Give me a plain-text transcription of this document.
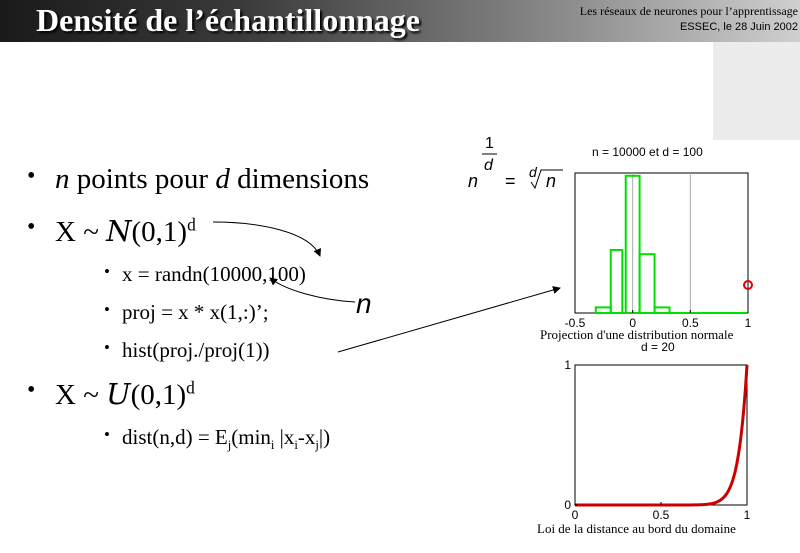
Densité de l’échantillonnage	Les réseaux de neurones pour l’apprentissage
ESSEC, le 28 Juin 2002
• n points pour d dimensions
• X ~ $N(0,1)^d$
• x = randn(10000,100)
• proj = x * x(1,:)’;
• hist(proj./proj(1))
• X ~ $U(0,1)^d$
• dist(n,d) = $E_j(\min_i$ $|x_i-x_j|$)
n
1
d
n = d n
n = 10000 et d = 100
-0.5	0	0.5	1
Projection d'une distribution normale
d = 20
0	0.5	1
0
1
Loi de la distance au bord du domaine
